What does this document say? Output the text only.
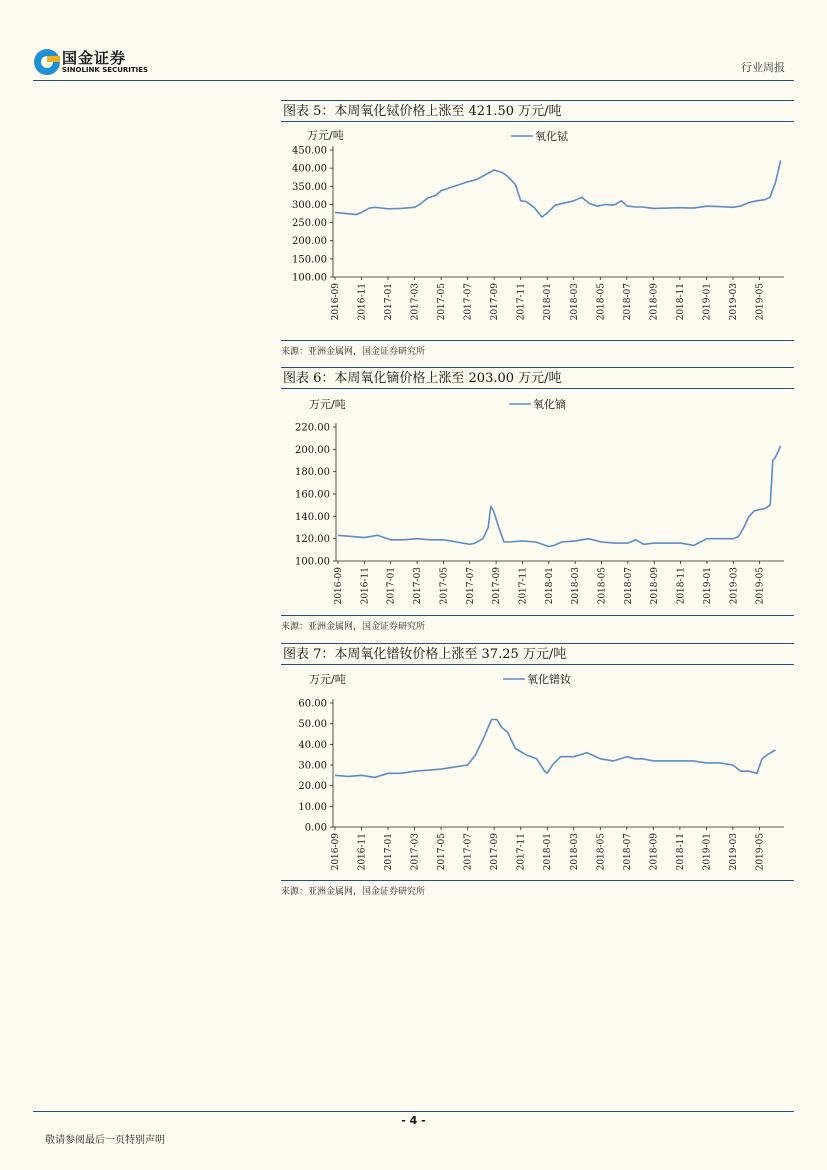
国金证券
SINOLINK SECURITIES	行业周报
图表 5：本周氧化铽价格上涨至 421.50 万元/吨
万元/吨	氧化铽
100.00
150.00
200.00
250.00
300.00
350.00
400.00
450.00
2016-09 2016-11 2017-01 2017-03 2017-05 2017-07 2017-09 2017-11 2018-01 2018-03 2018-05 2018-07 2018-09 2018-11 2019-01 2019-03 2019-05
来源：亚洲金属网，国金证券研究所
图表 6：本周氧化镝价格上涨至 203.00 万元/吨
万元/吨	氧化镝
100.00
120.00
140.00
160.00
180.00
200.00
220.00
2016-09 2016-11 2017-01 2017-03 2017-05 2017-07 2017-09 2017-11 2018-01 2018-03 2018-05 2018-07 2018-09 2018-11 2019-01 2019-03 2019-05
来源：亚洲金属网，国金证券研究所
图表 7：本周氧化镨钕价格上涨至 37.25 万元/吨
万元/吨	氧化镨钕
0.00
10.00
20.00
30.00
40.00
50.00
60.00
2016-09 2016-11 2017-01 2017-03 2017-05 2017-07 2017-09 2017-11 2018-01 2018-03 2018-05 2018-07 2018-09 2018-11 2019-01 2019-03 2019-05
来源：亚洲金属网，国金证券研究所
- 4 -
敬请参阅最后一页特别声明
